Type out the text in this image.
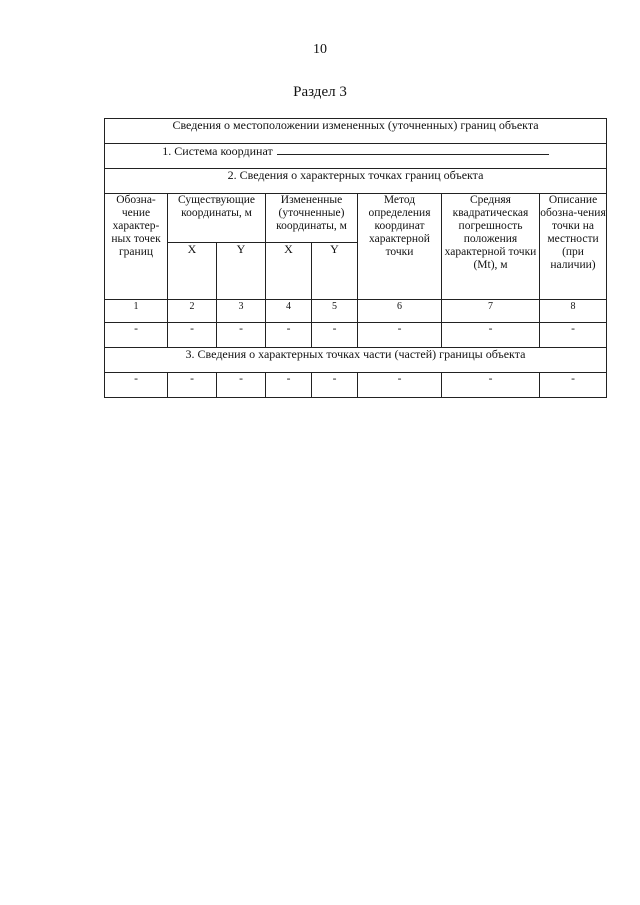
10
Раздел 3
Сведения о местоположении измененных (уточненных) границ объекта							
1. Система координат							
2. Сведения о характерных точках границ объекта							
Обозна-чение характер-ных точек границ	Существующие координаты, м		Измененные (уточненные) координаты, м		Метод определения координат характерной точки	Средняя квадратическая погрешность положения характерной точки (Mt), м	Описание обозна-чения точки на местности (при наличии)
	X	Y	X	Y			
1	2	3	4	5	6	7	8
-	-	-	-	-	-	-	-
3. Сведения о характерных точках части (частей) границы объекта							
-	-	-	-	-	-	-	-
